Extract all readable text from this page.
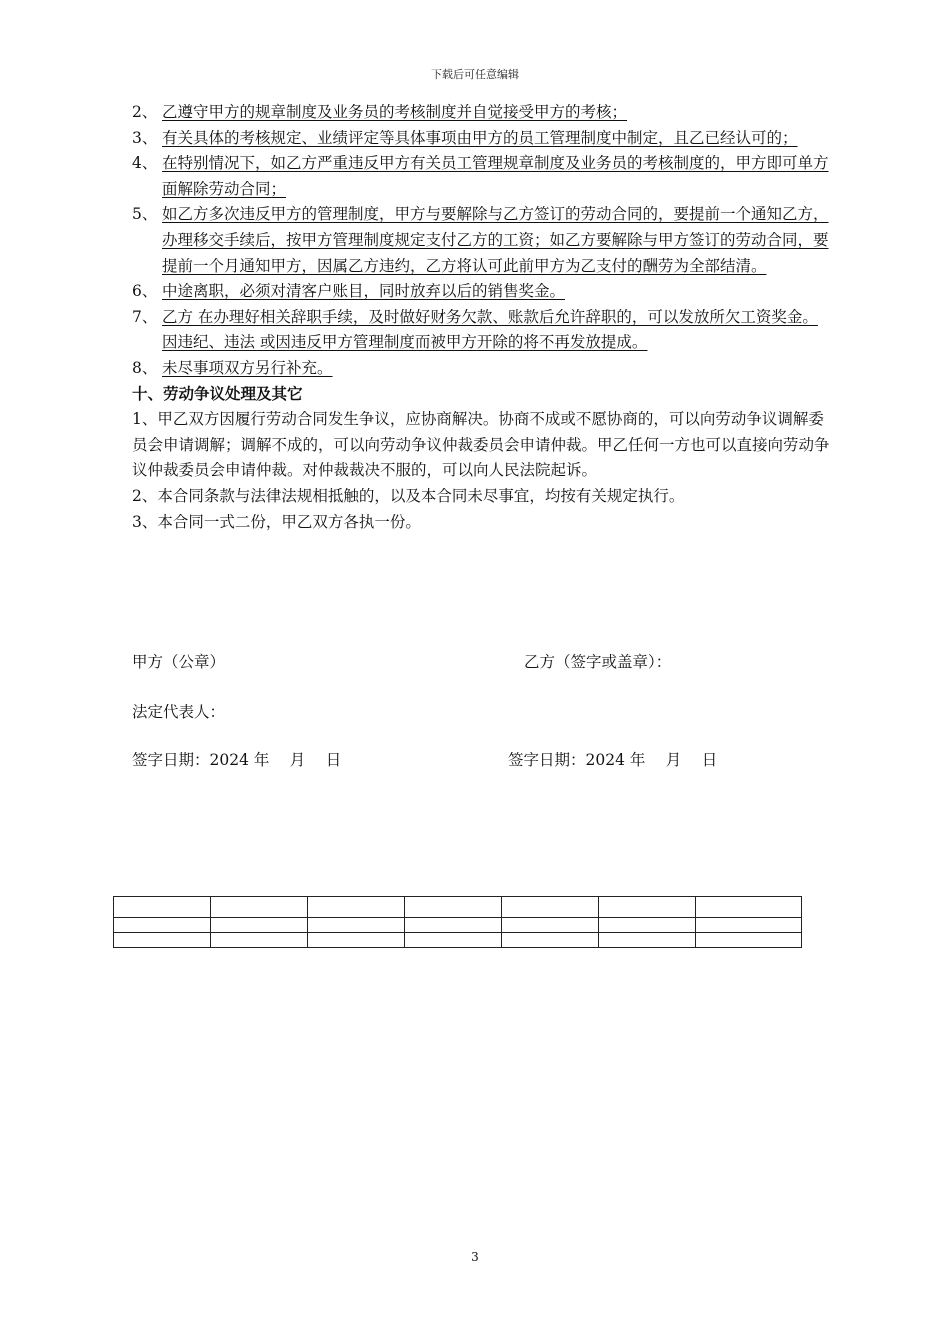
下载后可任意编辑
2、 乙遵守甲方的规章制度及业务员的考核制度并自觉接受甲方的考核；
3、 有关具体的考核规定、业绩评定等具体事项由甲方的员工管理制度中制定，且乙已经认可的；
4、 在特别情况下，如乙方严重违反甲方有关员工管理规章制度及业务员的考核制度的，甲方即可单方面解除劳动合同；
5、 如乙方多次违反甲方的管理制度，甲方与要解除与乙方签订的劳动合同的，要提前一个通知乙方，办理移交手续后，按甲方管理制度规定支付乙方的工资；如乙方要解除与甲方签订的劳动合同，要提前一个月通知甲方，因属乙方违约，乙方将认可此前甲方为乙支付的酬劳为全部结清。
6、 中途离职，必须对清客户账目，同时放弃以后的销售奖金。
7、 乙方 在办理好相关辞职手续，及时做好财务欠款、账款后允许辞职的，可以发放所欠工资奖金。因违纪、违法 或因违反甲方管理制度而被甲方开除的将不再发放提成。
8、 未尽事项双方另行补充。
十、劳动争议处理及其它
1、甲乙双方因履行劳动合同发生争议，应协商解决。协商不成或不愿协商的，可以向劳动争议调解委员会申请调解；调解不成的，可以向劳动争议仲裁委员会申请仲裁。甲乙任何一方也可以直接向劳动争议仲裁委员会申请仲裁。对仲裁裁决不服的，可以向人民法院起诉。
2、本合同条款与法律法规相抵触的，以及本合同未尽事宜，均按有关规定执行。
3、本合同一式二份，甲乙双方各执一份。
甲方（公章）	乙方（签字或盖章）：
法定代表人：
签字日期：2024 年　 月　 日	签字日期：2024 年　 月　 日

3
